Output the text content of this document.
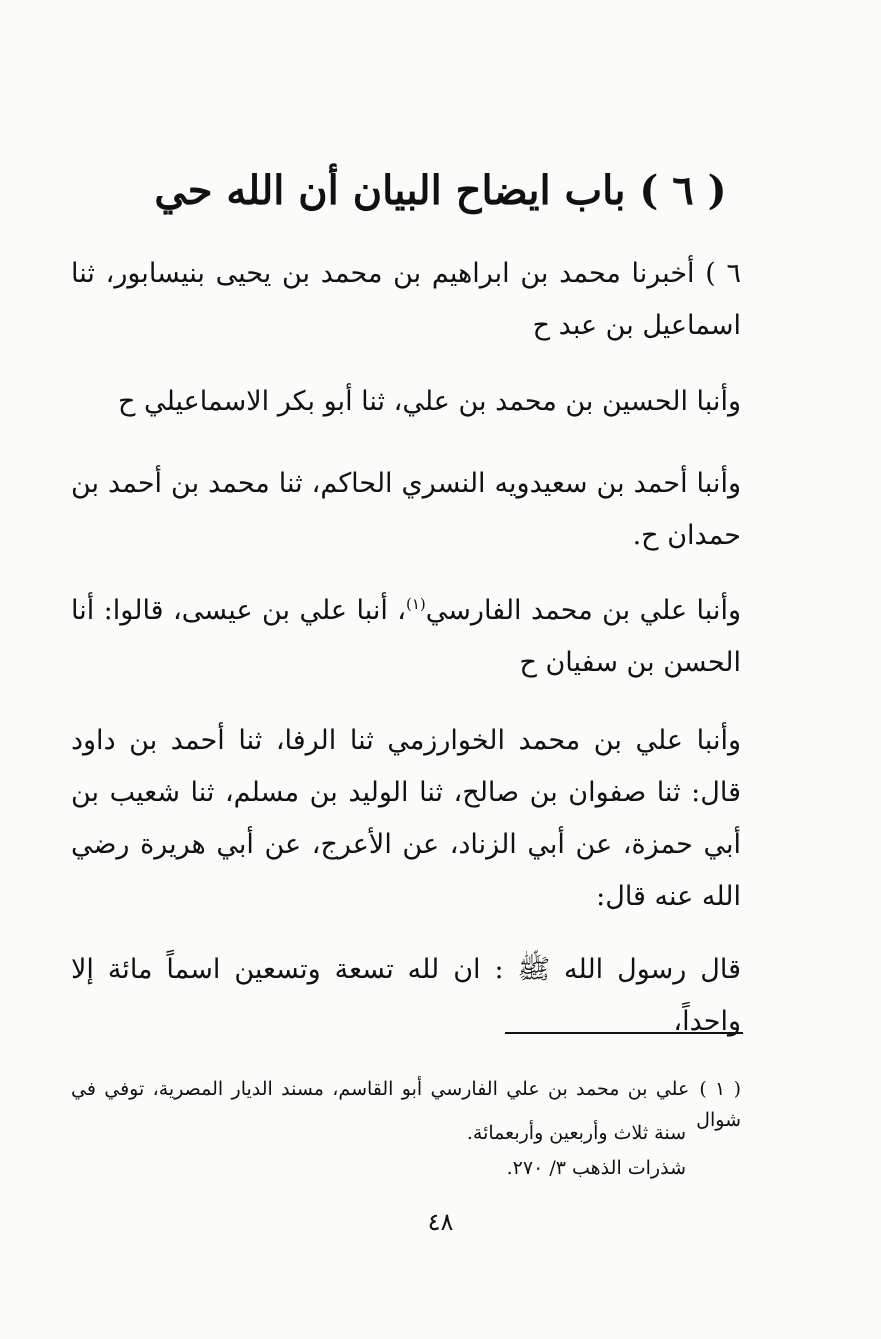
( ٦ ) باب ايضاح البيان أن الله حي
٦ ) أخبرنا محمد بن ابراهيم بن محمد بن يحيى بنيسابور، ثنا اسماعيل بن عبد ح
وأنبا الحسين بن محمد بن علي، ثنا أبو بكر الاسماعيلي ح
وأنبا أحمد بن سعيدويه النسري الحاكم، ثنا محمد بن أحمد بن حمدان ح.
وأنبا علي بن محمد الفارسي$^{(١)}$، أنبا علي بن عيسى، قالوا: أنا الحسن بن سفيان ح
وأنبا علي بن محمد الخوارزمي ثنا الرفا، ثنا أحمد بن داود قال: ثنا صفوان بن صالح، ثنا الوليد بن مسلم، ثنا شعيب بن أبي حمزة، عن أبي الزناد، عن الأعرج، عن أبي هريرة رضي الله عنه قال:
قال رسول الله ﷺ : ان لله تسعة وتسعين اسماً مائة إلا واحداً،
( ١ )علي بن محمد بن علي الفارسي أبو القاسم، مسند الديار المصرية، توفي في شوال
سنة ثلاث وأربعين وأربعمائة.
شذرات الذهب ٣/ ٢٧٠.
٤٨
